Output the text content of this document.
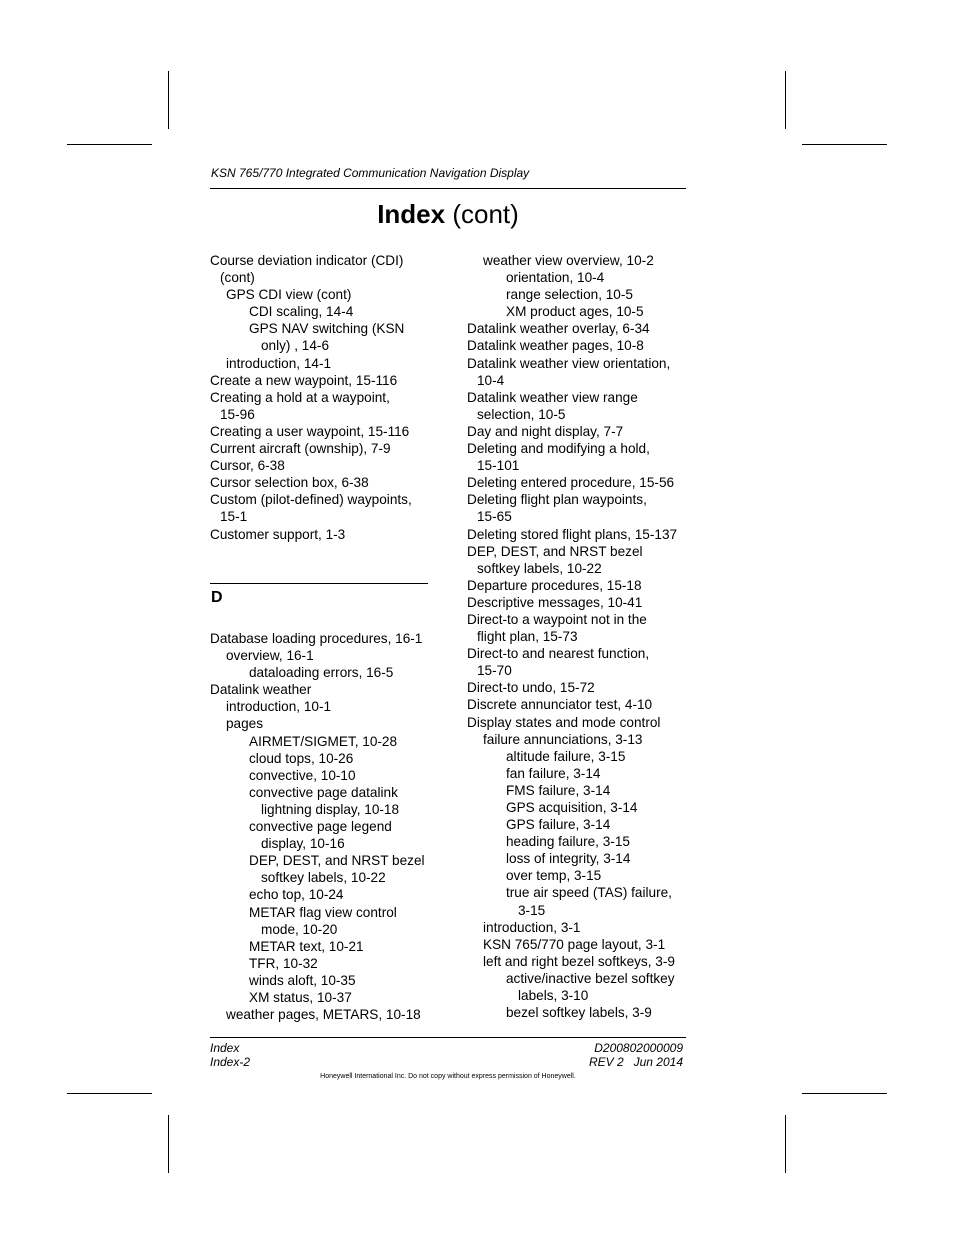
KSN 765/770 Integrated Communication Navigation Display
Index (cont)
Course deviation indicator (CDI)
(cont)
GPS CDI view (cont)
CDI scaling, 14-4
GPS NAV switching (KSN
only) , 14-6
introduction, 14-1
Create a new waypoint, 15-116
Creating a hold at a waypoint,
15-96
Creating a user waypoint, 15-116
Current aircraft (ownship), 7-9
Cursor, 6-38
Cursor selection box, 6-38
Custom (pilot-defined) waypoints,
15-1
Customer support, 1-3
D
Database loading procedures, 16-1
overview, 16-1
dataloading errors, 16-5
Datalink weather
introduction, 10-1
pages
AIRMET/SIGMET, 10-28
cloud tops, 10-26
convective, 10-10
convective page datalink
lightning display, 10-18
convective page legend
display, 10-16
DEP, DEST, and NRST bezel
softkey labels, 10-22
echo top, 10-24
METAR flag view control
mode, 10-20
METAR text, 10-21
TFR, 10-32
winds aloft, 10-35
XM status, 10-37
weather pages, METARS, 10-18
weather view overview, 10-2
orientation, 10-4
range selection, 10-5
XM product ages, 10-5
Datalink weather overlay, 6-34
Datalink weather pages, 10-8
Datalink weather view orientation,
10-4
Datalink weather view range
selection, 10-5
Day and night display, 7-7
Deleting and modifying a hold,
15-101
Deleting entered procedure, 15-56
Deleting flight plan waypoints,
15-65
Deleting stored flight plans, 15-137
DEP, DEST, and NRST bezel
softkey labels, 10-22
Departure procedures, 15-18
Descriptive messages, 10-41
Direct-to a waypoint not in the
flight plan, 15-73
Direct-to and nearest function,
15-70
Direct-to undo, 15-72
Discrete annunciator test, 4-10
Display states and mode control
failure annunciations, 3-13
altitude failure, 3-15
fan failure, 3-14
FMS failure, 3-14
GPS acquisition, 3-14
GPS failure, 3-14
heading failure, 3-15
loss of integrity, 3-14
over temp, 3-15
true air speed (TAS) failure,
3-15
introduction, 3-1
KSN 765/770 page layout, 3-1
left and right bezel softkeys, 3-9
active/inactive bezel softkey
labels, 3-10
bezel softkey labels, 3-9
Index
Index-2
D200802000009
REV 2   Jun 2014
Honeywell International Inc. Do not copy without express permission of Honeywell.
